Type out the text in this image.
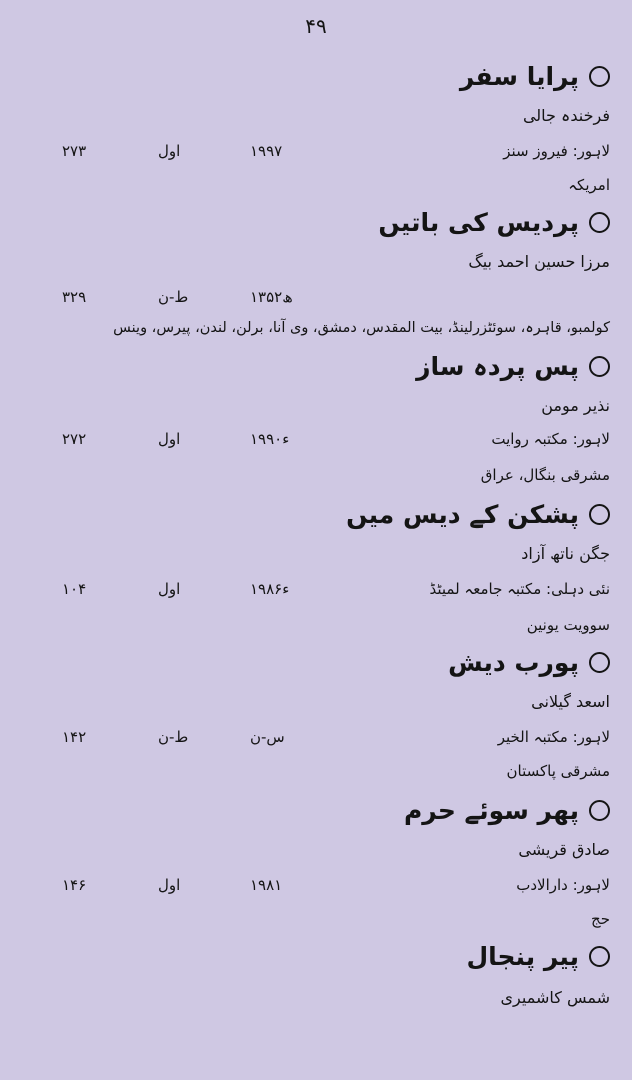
۴۹
پرایا سفر
فرخندہ جالی
لاہور: فیروز سنز
۱۹۹۷
اول
۲۷۳
امریکہ
پردیس کی باتیں
مرزا حسین احمد بیگ
۱۳۵۲ھ
ط-ن
۳۲۹
کولمبو، قاہرہ، سوئٹزرلینڈ، بیت المقدس، دمشق، وی آنا، برلن، لندن، پیرس، وینس
پس پردہ ساز
نذیر مومن
لاہور: مکتبہ روایت
۱۹۹۰ء
اول
۲۷۲
مشرقی بنگال، عراق
پشکن کے دیس میں
جگن ناتھ آزاد
نئی دہلی: مکتبہ جامعہ لمیٹڈ
۱۹۸۶ء
اول
۱۰۴
سوویت یونین
پورب دیش
اسعد گیلانی
لاہور: مکتبہ الخیر
س-ن
ط-ن
۱۴۲
مشرقی پاکستان
پھر سوئے حرم
صادق قریشی
لاہور: دارالادب
۱۹۸۱
اول
۱۴۶
حج
پیر پنجال
شمس کاشمیری
